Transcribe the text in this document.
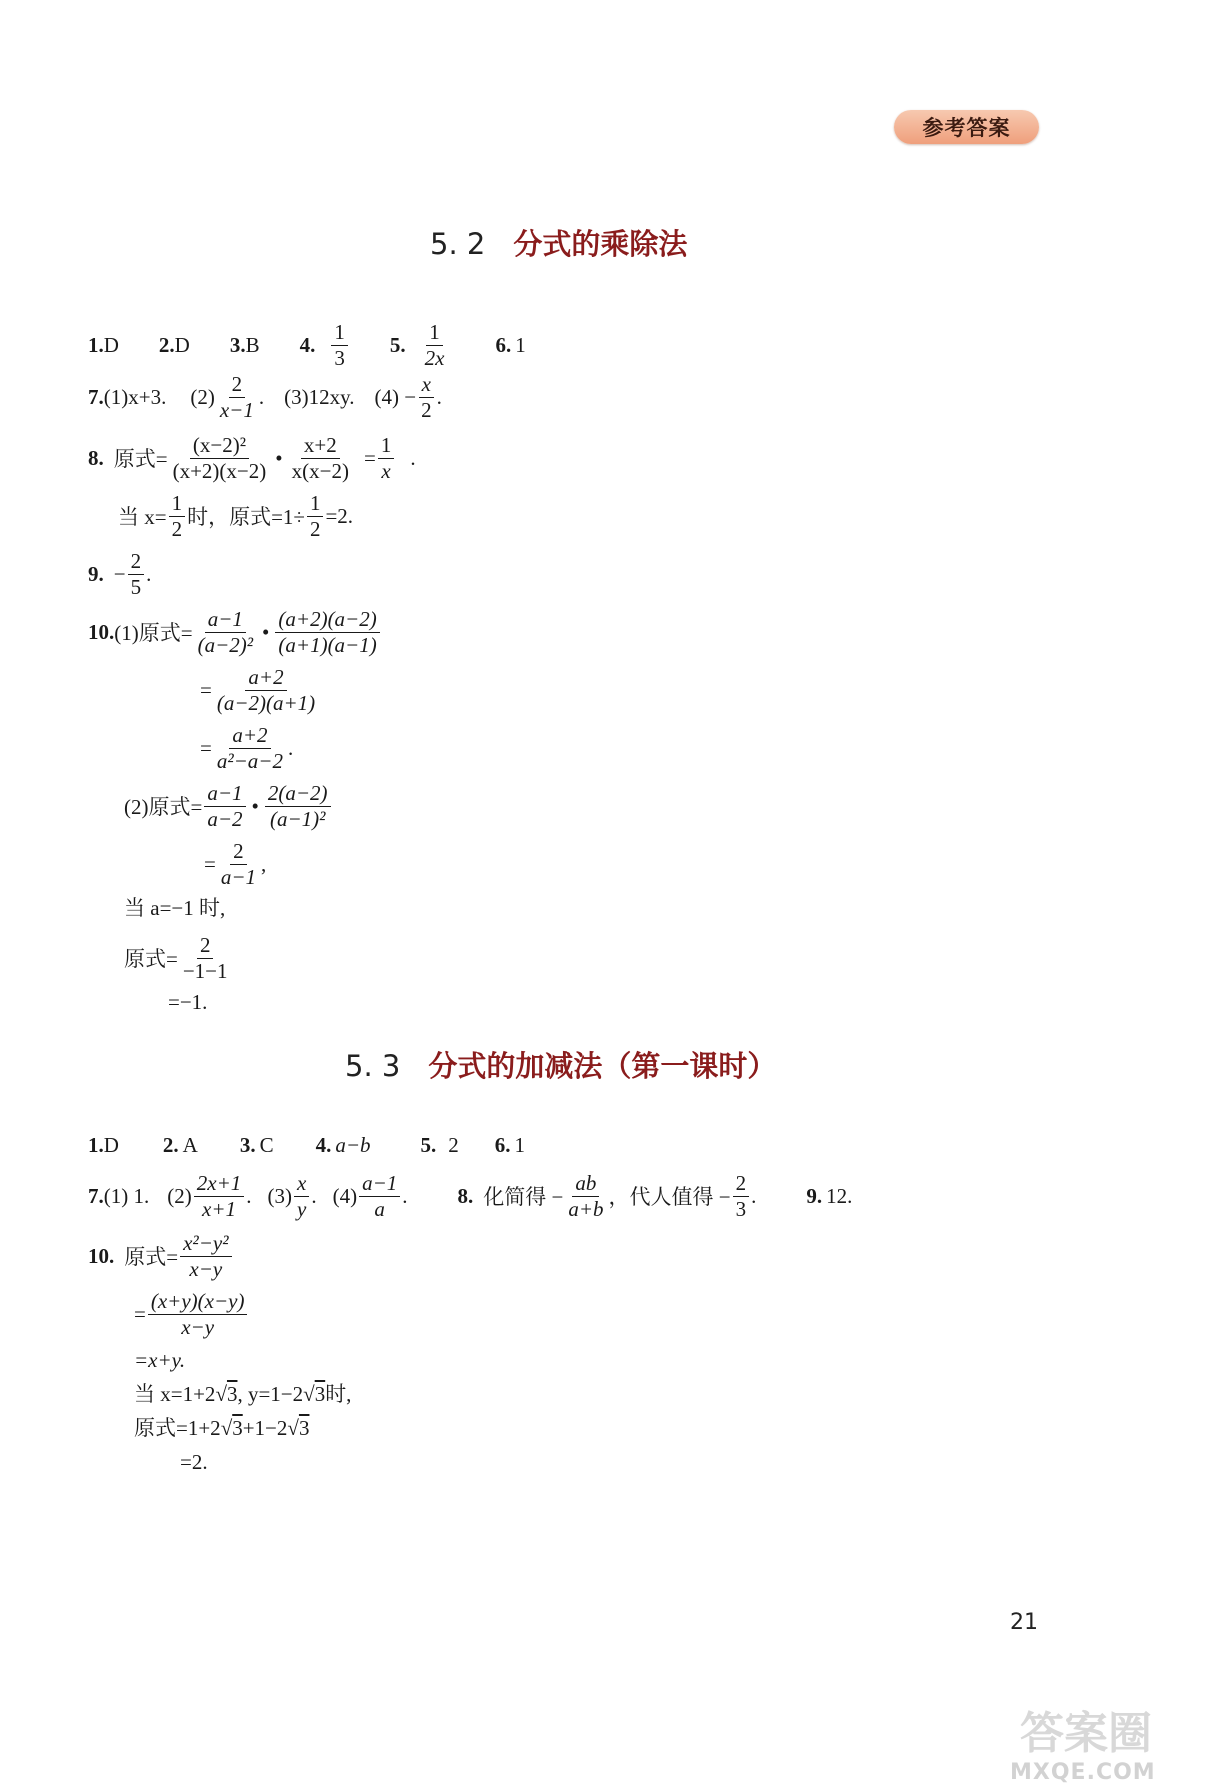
参考答案
5. 2 分式的乘除法
1. D 2. D 3. B 4. $\frac{1}{3} 5$. $\frac{1}{2x} 6$. 1
7. (1)x+3. $(2) \frac{2}{x-1}$ . (3)12xy. $(4) - \frac{x}{2}$ .
8. 原式= $\frac{\text{(x−2)²}}{(x+2)(x-2)}$ • $\frac{x+2}{x(x-2)} = \frac{1}{x}$ .
当 $x= \frac{1}{2}$ 时，原式$=1\div \frac{1}{2} =2$.
9. − $\frac{2}{5}$ .
10. (1)原式= $\frac{a-1}{\text{(a−2)²}}$ • $\frac{(a+2)(a-2)}{(a+1)(a-1)}$
= $\frac{a+2}{(a-2)(a+1)}$
= $\frac{a+2}{\text{a²−a−2}}$ .
(2)原式= $\frac{a-1}{a-2}$ • $\frac{2(a-2)}{\text{(a−1)²}}$
= $\frac{2}{a-1}$ ,
当 a=−1 时,
原式= $\frac{2}{-1-1}$
=−1.
5. 3 分式的加减法（第一课时）
1. D 2. A 3. C 4. a−b 5. 2 6. 1
7. (1) 1. $(2) \frac{2x+1}{x+1}$ . $(3) \frac{x}{y}$ . $(4) \frac{a-1}{a}$ . 8. 化简得 − $\frac{ab}{a+b}$ ，代人值得 − $\frac{2}{3}$ . 9. 12.
10. 原式= $\frac{\text{x²−y²}}{x-y}$
= $\frac{(x+y)(x-y)}{x-y}$
=x+y.
当 x=1+2√3, y=1−2√3时,
原式=1+2√3+1−2√3
=2.
21
答案圈
MXQE.COM
